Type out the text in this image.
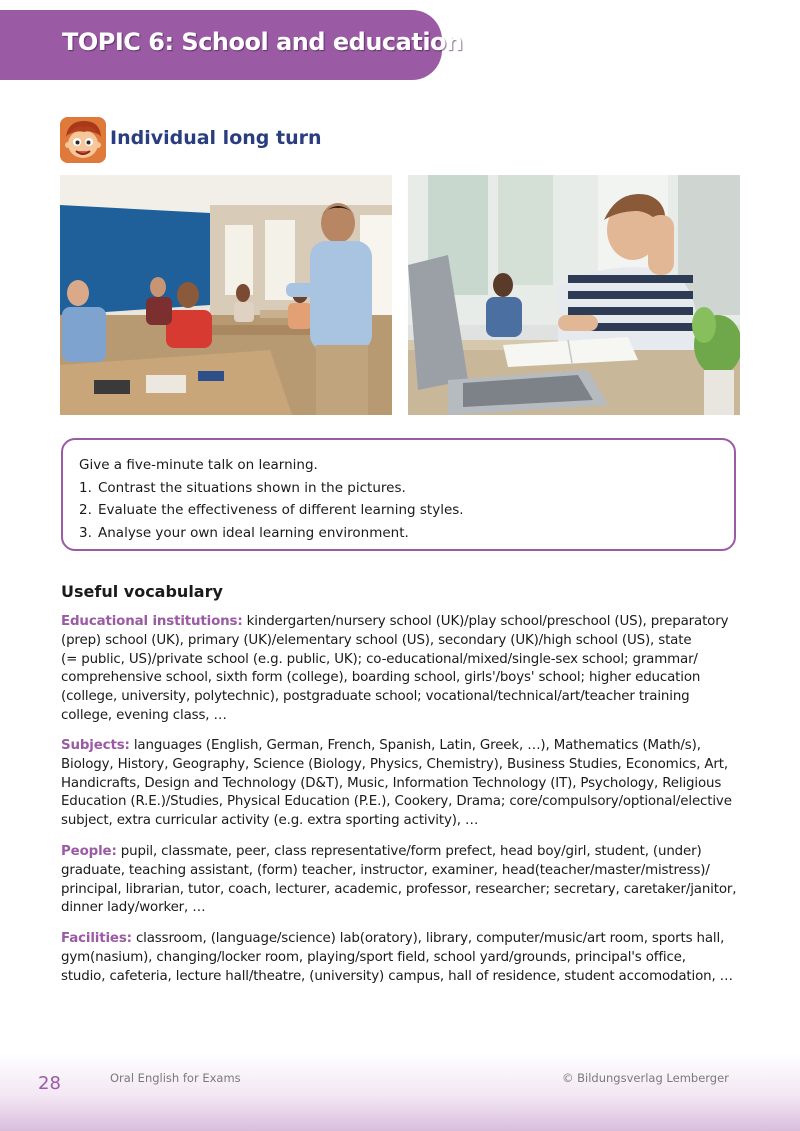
TOPIC 6: School and education
Individual long turn
Give a five-minute talk on learning.
1. Contrast the situations shown in the pictures.
2. Evaluate the effectiveness of different learning styles.
3. Analyse your own ideal learning environment.
Useful vocabulary
Educational institutions: kindergarten/nursery school (UK)/play school/preschool (US), preparatory
(prep) school (UK), primary (UK)/elementary school (US), secondary (UK)/high school (US), state
(= public, US)/private school (e.g. public, UK); co-educational/mixed/single-sex school; grammar/
comprehensive school, sixth form (college), boarding school, girls'/boys' school; higher education
(college, university, polytechnic), postgraduate school; vocational/technical/art/teacher training
college, evening class, …
Subjects: languages (English, German, French, Spanish, Latin, Greek, …), Mathematics (Math/s),
Biology, History, Geography, Science (Biology, Physics, Chemistry), Business Studies, Economics, Art,
Handicrafts, Design and Technology (D&T), Music, Information Technology (IT), Psychology, Religious
Education (R.E.)/Studies, Physical Education (P.E.), Cookery, Drama; core/compulsory/optional/elective
subject, extra curricular activity (e.g. extra sporting activity), …
People: pupil, classmate, peer, class representative/form prefect, head boy/girl, student, (under)
graduate, teaching assistant, (form) teacher, instructor, examiner, head(teacher/master/mistress)/
principal, librarian, tutor, coach, lecturer, academic, professor, researcher; secretary, caretaker/janitor,
dinner lady/worker, …
Facilities: classroom, (language/science) lab(oratory), library, computer/music/art room, sports hall,
gym(nasium), changing/locker room, playing/sport field, school yard/grounds, principal's office,
studio, cafeteria, lecture hall/theatre, (university) campus, hall of residence, student accomodation, …
28	Oral English for Exams	© Bildungsverlag Lemberger
